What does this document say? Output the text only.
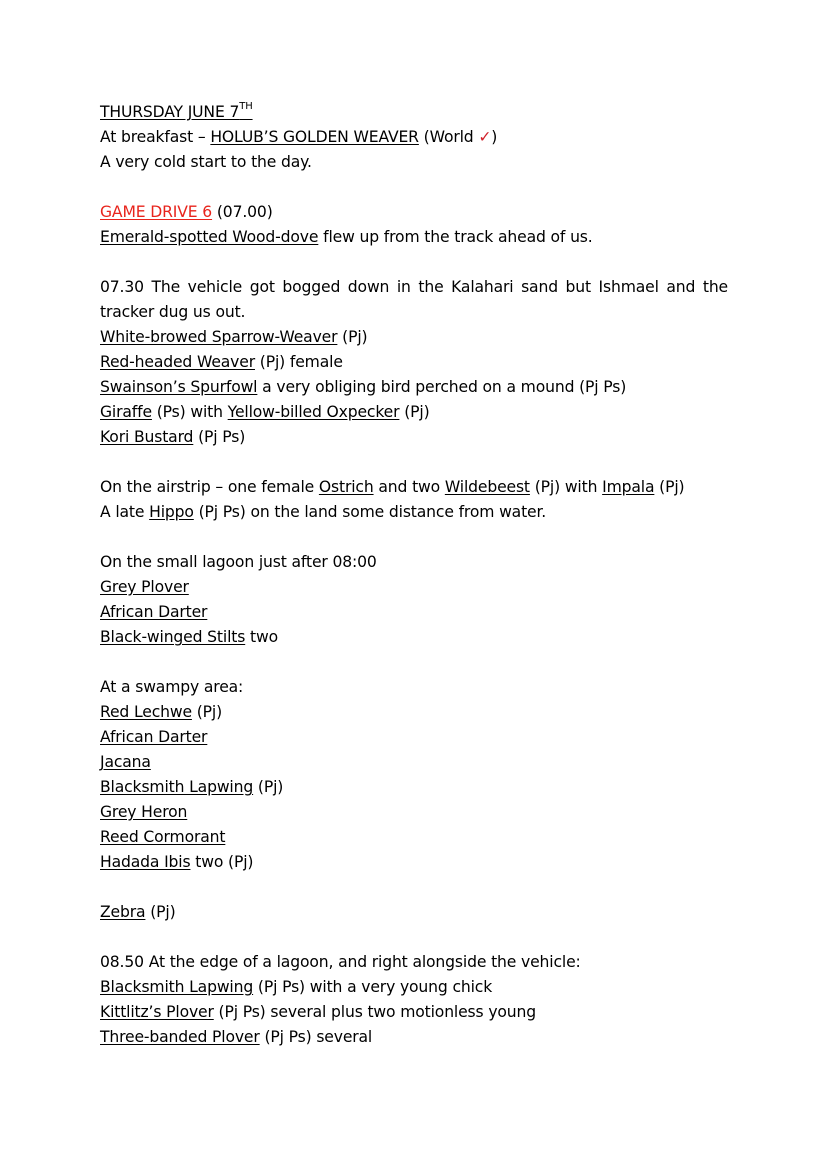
THURSDAY JUNE 7TH
At breakfast – HOLUB’S GOLDEN WEAVER (World ✓)
A very cold start to the day.
GAME DRIVE 6 (07.00)
Emerald-spotted Wood-dove flew up from the track ahead of us.
07.30 The vehicle got bogged down in the Kalahari sand but Ishmael and the
tracker dug us out.
White-browed Sparrow-Weaver (Pj)
Red-headed Weaver (Pj) female
Swainson’s Spurfowl a very obliging bird perched on a mound (Pj Ps)
Giraffe (Ps) with Yellow-billed Oxpecker (Pj)
Kori Bustard (Pj Ps)
On the airstrip – one female Ostrich and two Wildebeest (Pj) with Impala (Pj)
A late Hippo (Pj Ps) on the land some distance from water.
On the small lagoon just after 08:00
Grey Plover
African Darter
Black-winged Stilts two
At a swampy area:
Red Lechwe (Pj)
African Darter
Jacana
Blacksmith Lapwing (Pj)
Grey Heron
Reed Cormorant
Hadada Ibis two (Pj)
Zebra (Pj)
08.50 At the edge of a lagoon, and right alongside the vehicle:
Blacksmith Lapwing (Pj Ps) with a very young chick
Kittlitz’s Plover (Pj Ps) several plus two motionless young
Three-banded Plover (Pj Ps) several
